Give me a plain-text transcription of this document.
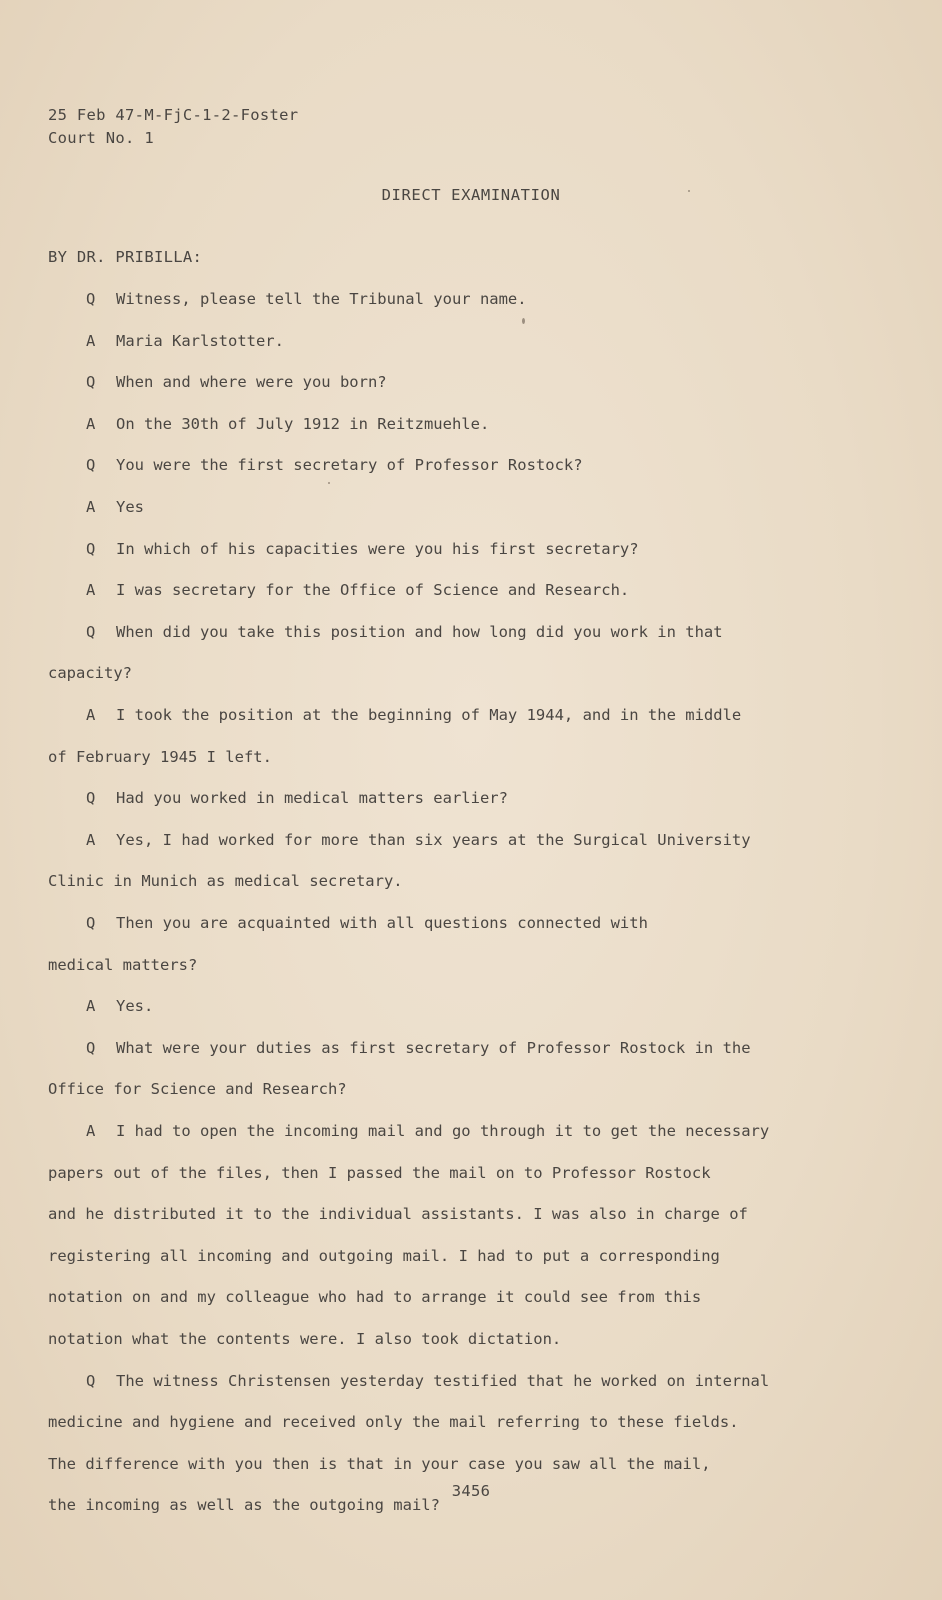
25 Feb 47-M-FjC-1-2-Foster
Court No. 1
DIRECT EXAMINATION
BY DR. PRIBILLA:
Q Witness, please tell the Tribunal your name.
A Maria Karlstotter.
Q When and where were you born?
A On the 30th of July 1912 in Reitzmuehle.
Q You were the first secretary of Professor Rostock?
A Yes
Q In which of his capacities were you his first secretary?
A I was secretary for the Office of Science and Research.
Q When did you take this position and how long did you work in that
capacity?
A I took the position at the beginning of May 1944, and in the middle
of February 1945 I left.
Q Had you worked in medical matters earlier?
A Yes, I had worked for more than six years at the Surgical University
Clinic in Munich as medical secretary.
Q Then you are acquainted with all questions connected with
medical matters?
A Yes.
Q What were your duties as first secretary of Professor Rostock in the
Office for Science and Research?
A I had to open the incoming mail and go through it to get the necessary
papers out of the files, then I passed the mail on to Professor Rostock
and he distributed it to the individual assistants. I was also in charge of
registering all incoming and outgoing mail. I had to put a corresponding
notation on and my colleague who had to arrange it could see from this
notation what the contents were. I also took dictation.
Q The witness Christensen yesterday testified that he worked on internal
medicine and hygiene and received only the mail referring to these fields.
The difference with you then is that in your case you saw all the mail,
the incoming as well as the outgoing mail?
3456
